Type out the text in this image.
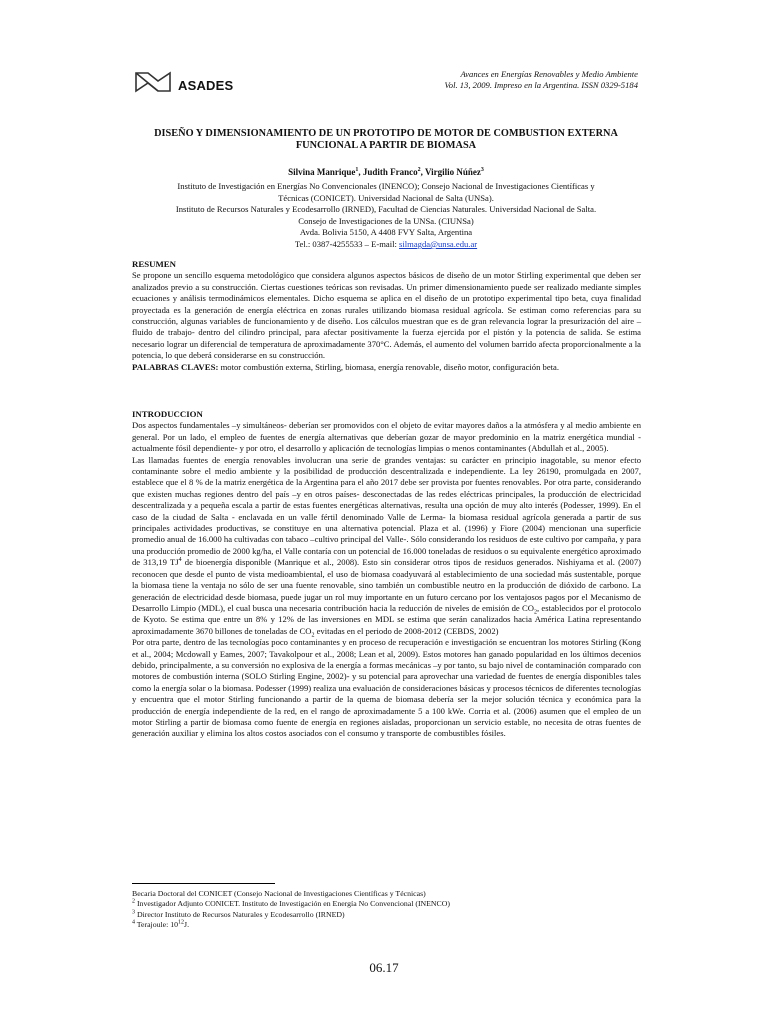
ASADES
Avances en Energías Renovables y Medio Ambiente
Vol. 13, 2009. Impreso en la Argentina. ISSN 0329-5184
DISEÑO Y DIMENSIONAMIENTO DE UN PROTOTIPO DE MOTOR DE COMBUSTION EXTERNA
FUNCIONAL A PARTIR DE BIOMASA
Silvina Manrique$^1$, Judith Franco$^2$, Virgilio Núñez$^3$
Instituto de Investigación en Energías No Convencionales (INENCO); Consejo Nacional de Investigaciones Científicas y
Técnicas (CONICET). Universidad Nacional de Salta (UNSa).
Instituto de Recursos Naturales y Ecodesarrollo (IRNED), Facultad de Ciencias Naturales. Universidad Nacional de Salta.
Consejo de Investigaciones de la UNSa. (CIUNSa)
Avda. Bolivia 5150, A 4408 FVY Salta, Argentina
Tel.: 0387-4255533 – E-mail: silmagda@unsa.edu.ar
RESUMEN

Se propone un sencillo esquema metodológico que considera algunos aspectos básicos de diseño de un motor Stirling experimental que deben ser analizados previo a su construcción. Ciertas cuestiones teóricas son revisadas. Un primer dimensionamiento puede ser realizado mediante simples ecuaciones y análisis termodinámicos elementales. Dicho esquema se aplica en el diseño de un prototipo experimental tipo beta, cuya finalidad proyectada es la generación de energía eléctrica en zonas rurales utilizando biomasa residual agrícola. Se estiman como referencias para su construcción, algunas variables de funcionamiento y de diseño. Los cálculos muestran que es de gran relevancia lograr la presurización del aire –fluido de trabajo- dentro del cilindro principal, para afectar positivamente la fuerza ejercida por el pistón y la potencia de salida. Se estima necesario lograr un diferencial de temperatura de aproximadamente 370°C. Además, el aumento del volumen barrido afecta proporcionalmente a la potencia, lo que deberá considerarse en su construcción.

PALABRAS CLAVES: motor combustión externa, Stirling, biomasa, energía renovable, diseño motor, configuración beta.

INTRODUCCION

Dos aspectos fundamentales –y simultáneos- deberían ser promovidos con el objeto de evitar mayores daños a la atmósfera y al medio ambiente en general. Por un lado, el empleo de fuentes de energía alternativas que deberían gozar de mayor predominio en la matriz energética mundial -actualmente fósil dependiente- y por otro, el desarrollo y aplicación de tecnologías limpias o menos contaminantes (Abdullah et al., 2005).

Las llamadas fuentes de energía renovables involucran una serie de grandes ventajas: su carácter en principio inagotable, su menor efecto contaminante sobre el medio ambiente y la posibilidad de producción descentralizada e independiente. La ley 26190, promulgada en 2007, establece que el 8 % de la matriz energética de la Argentina para el año 2017 debe ser provista por fuentes renovables. Por otra parte, considerando que existen muchas regiones dentro del país –y en otros países- desconectadas de las redes eléctricas principales, la producción de electricidad descentralizada y a pequeña escala a partir de estas fuentes energéticas alternativas, resulta una opción de muy alto interés (Podesser, 1999). En el caso de la ciudad de Salta - enclavada en un valle fértil denominado Valle de Lerma- la biomasa residual agrícola generada a partir de sus principales actividades productivas, se constituye en una alternativa potencial. Plaza et al. (1996) y Fiore (2004) mencionan una superficie promedio anual de 16.000 ha cultivadas con tabaco –cultivo principal del Valle-. Sólo considerando los residuos de este cultivo por campaña, y para una producción promedio de 2000 kg/ha, el Valle contaría con un potencial de 16.000 toneladas de residuos o su equivalente energético aproximado de 313,19 $TJ^4$ de bioenergía disponible (Manrique et al., 2008). Esto sin considerar otros tipos de residuos generados. Nishiyama et al. (2007) reconocen que desde el punto de vista medioambiental, el uso de biomasa coadyuvará al establecimiento de una sociedad más sustentable, porque la biomasa tiene la ventaja no sólo de ser una fuente renovable, sino también un combustible neutro en la producción de dióxido de carbono. La generación de electricidad desde biomasa, puede jugar un rol muy importante en un futuro cercano por los ventajosos pagos por el Mecanismo de Desarrollo Limpio (MDL), el cual busca una necesaria contribución hacia la reducción de niveles de emisión de $CO_2$, establecidos por el protocolo de Kyoto. Se estima que entre un 8% y 12% de las inversiones en MDL se estima que serán canalizados hacia América Latina representando aproximadamente 3670 billones de toneladas de $CO_2$ evitadas en el periodo de 2008-2012 (CEBDS, 2002)

Por otra parte, dentro de las tecnologías poco contaminantes y en proceso de recuperación e investigación se encuentran los motores Stirling (Kong et al., 2004; Mcdowall y Eames, 2007; Tavakolpour et al., 2008; Lean et al, 2009). Estos motores han ganado popularidad en los últimos decenios debido, principalmente, a su conversión no explosiva de la energía a formas mecánicas –y por tanto, su bajo nivel de contaminación comparado con motores de combustión interna (SOLO Stirling Engine, 2002)- y su potencial para aprovechar una variedad de fuentes de energía disponibles tales como la energía solar o la biomasa. Podesser (1999) realiza una evaluación de consideraciones básicas y procesos técnicos de diferentes tecnologías y encuentra que el motor Stirling funcionando a partir de la quema de biomasa debería ser la mejor solución técnica y económica para la producción de energía independiente de la red, en el rango de aproximadamente 5 a 100 kWe. Corria et al. (2006) asumen que el empleo de un motor Stirling a partir de biomasa como fuente de energía en regiones aisladas, proporcionan un servicio estable, no necesita de otras fuentes de generación auxiliar y elimina los altos costos asociados con el consumo y transporte de combustibles fósiles.

Becaria Doctoral del CONICET (Consejo Nacional de Investigaciones Científicas y Técnicas)

$^2$ Investigador Adjunto CONICET. Instituto de Investigación en Energía No Convencional (INENCO)

$^3$ Director Instituto de Recursos Naturales y Ecodesarrollo (IRNED)

$^4$ Terajoule: $10^{12}J$.

06.17
